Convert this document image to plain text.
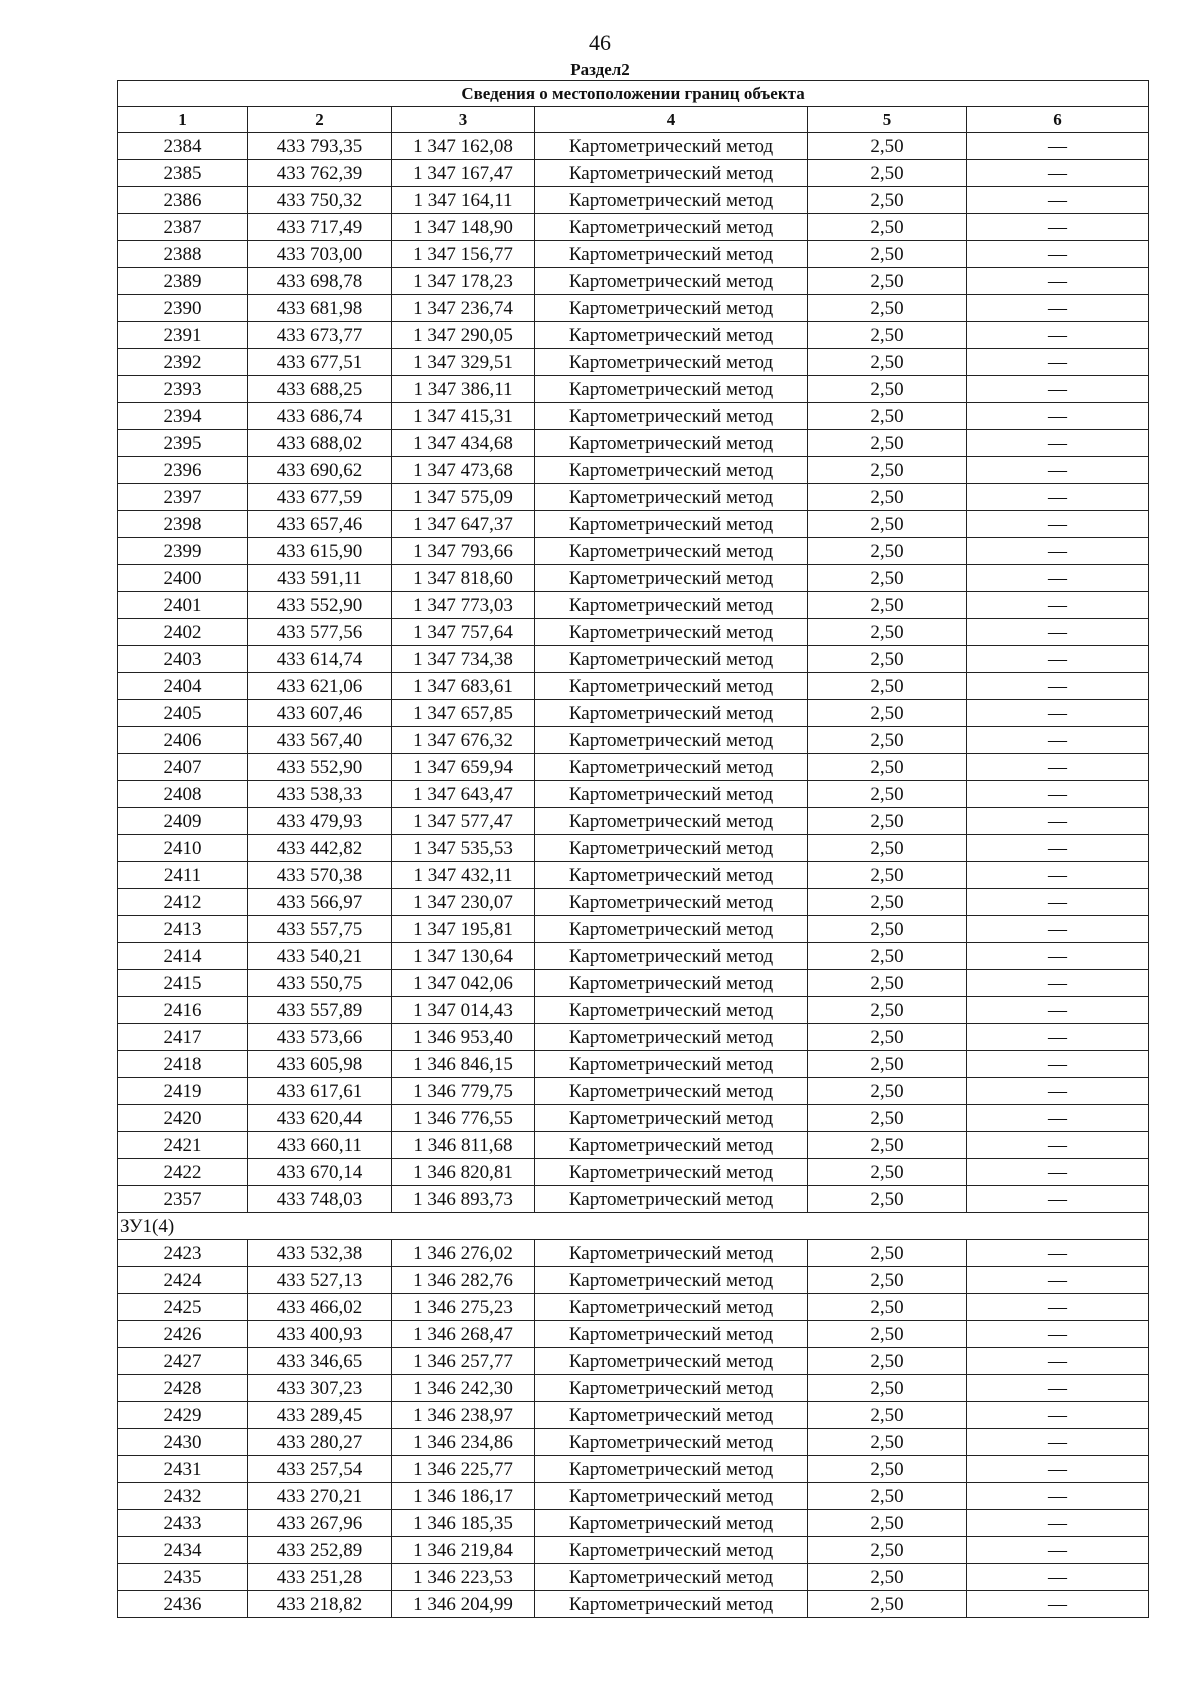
46
Раздел2
Сведения о местоположении границ объекта					
1	2	3	4	5	6
2384	433 793,35	1 347 162,08	Картометрический метод	2,50	—
2385	433 762,39	1 347 167,47	Картометрический метод	2,50	—
2386	433 750,32	1 347 164,11	Картометрический метод	2,50	—
2387	433 717,49	1 347 148,90	Картометрический метод	2,50	—
2388	433 703,00	1 347 156,77	Картометрический метод	2,50	—
2389	433 698,78	1 347 178,23	Картометрический метод	2,50	—
2390	433 681,98	1 347 236,74	Картометрический метод	2,50	—
2391	433 673,77	1 347 290,05	Картометрический метод	2,50	—
2392	433 677,51	1 347 329,51	Картометрический метод	2,50	—
2393	433 688,25	1 347 386,11	Картометрический метод	2,50	—
2394	433 686,74	1 347 415,31	Картометрический метод	2,50	—
2395	433 688,02	1 347 434,68	Картометрический метод	2,50	—
2396	433 690,62	1 347 473,68	Картометрический метод	2,50	—
2397	433 677,59	1 347 575,09	Картометрический метод	2,50	—
2398	433 657,46	1 347 647,37	Картометрический метод	2,50	—
2399	433 615,90	1 347 793,66	Картометрический метод	2,50	—
2400	433 591,11	1 347 818,60	Картометрический метод	2,50	—
2401	433 552,90	1 347 773,03	Картометрический метод	2,50	—
2402	433 577,56	1 347 757,64	Картометрический метод	2,50	—
2403	433 614,74	1 347 734,38	Картометрический метод	2,50	—
2404	433 621,06	1 347 683,61	Картометрический метод	2,50	—
2405	433 607,46	1 347 657,85	Картометрический метод	2,50	—
2406	433 567,40	1 347 676,32	Картометрический метод	2,50	—
2407	433 552,90	1 347 659,94	Картометрический метод	2,50	—
2408	433 538,33	1 347 643,47	Картометрический метод	2,50	—
2409	433 479,93	1 347 577,47	Картометрический метод	2,50	—
2410	433 442,82	1 347 535,53	Картометрический метод	2,50	—
2411	433 570,38	1 347 432,11	Картометрический метод	2,50	—
2412	433 566,97	1 347 230,07	Картометрический метод	2,50	—
2413	433 557,75	1 347 195,81	Картометрический метод	2,50	—
2414	433 540,21	1 347 130,64	Картометрический метод	2,50	—
2415	433 550,75	1 347 042,06	Картометрический метод	2,50	—
2416	433 557,89	1 347 014,43	Картометрический метод	2,50	—
2417	433 573,66	1 346 953,40	Картометрический метод	2,50	—
2418	433 605,98	1 346 846,15	Картометрический метод	2,50	—
2419	433 617,61	1 346 779,75	Картометрический метод	2,50	—
2420	433 620,44	1 346 776,55	Картометрический метод	2,50	—
2421	433 660,11	1 346 811,68	Картометрический метод	2,50	—
2422	433 670,14	1 346 820,81	Картометрический метод	2,50	—
2357	433 748,03	1 346 893,73	Картометрический метод	2,50	—
ЗУ1(4)					
2423	433 532,38	1 346 276,02	Картометрический метод	2,50	—
2424	433 527,13	1 346 282,76	Картометрический метод	2,50	—
2425	433 466,02	1 346 275,23	Картометрический метод	2,50	—
2426	433 400,93	1 346 268,47	Картометрический метод	2,50	—
2427	433 346,65	1 346 257,77	Картометрический метод	2,50	—
2428	433 307,23	1 346 242,30	Картометрический метод	2,50	—
2429	433 289,45	1 346 238,97	Картометрический метод	2,50	—
2430	433 280,27	1 346 234,86	Картометрический метод	2,50	—
2431	433 257,54	1 346 225,77	Картометрический метод	2,50	—
2432	433 270,21	1 346 186,17	Картометрический метод	2,50	—
2433	433 267,96	1 346 185,35	Картометрический метод	2,50	—
2434	433 252,89	1 346 219,84	Картометрический метод	2,50	—
2435	433 251,28	1 346 223,53	Картометрический метод	2,50	—
2436	433 218,82	1 346 204,99	Картометрический метод	2,50	—
